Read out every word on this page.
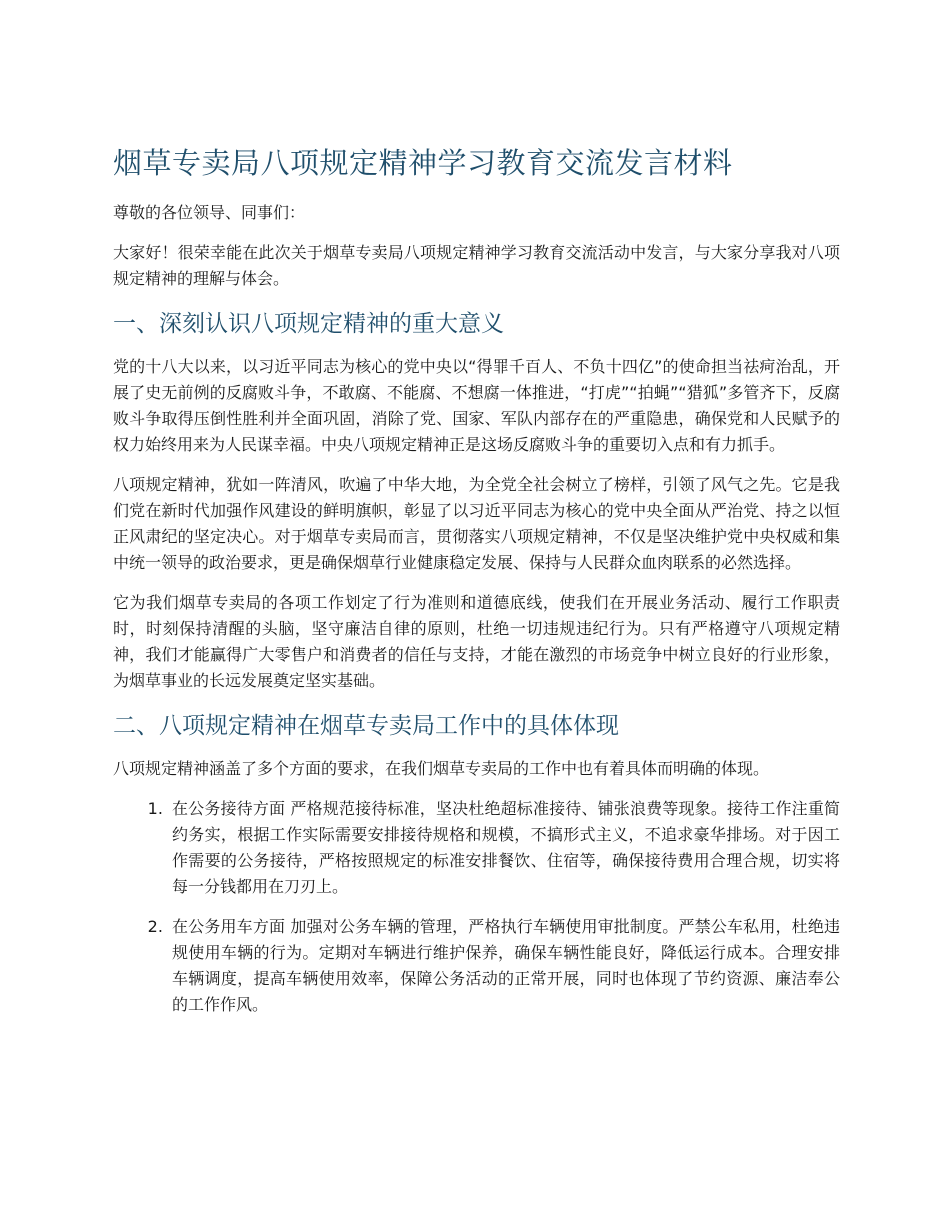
烟草专卖局八项规定精神学习教育交流发言材料

尊敬的各位领导、同事们：

大家好！很荣幸能在此次关于烟草专卖局八项规定精神学习教育交流活动中发言，与大家分享我对八项规定精神的理解与体会。

一、深刻认识八项规定精神的重大意义

党的十八大以来，以习近平同志为核心的党中央以“得罪千百人、不负十四亿”的使命担当祛疴治乱，开展了史无前例的反腐败斗争，不敢腐、不能腐、不想腐一体推进，“打虎”“拍蝇”“猎狐”多管齐下，反腐败斗争取得压倒性胜利并全面巩固，消除了党、国家、军队内部存在的严重隐患，确保党和人民赋予的权力始终用来为人民谋幸福。中央八项规定精神正是这场反腐败斗争的重要切入点和有力抓手。

八项规定精神，犹如一阵清风，吹遍了中华大地，为全党全社会树立了榜样，引领了风气之先。它是我们党在新时代加强作风建设的鲜明旗帜，彰显了以习近平同志为核心的党中央全面从严治党、持之以恒正风肃纪的坚定决心。对于烟草专卖局而言，贯彻落实八项规定精神，不仅是坚决维护党中央权威和集中统一领导的政治要求，更是确保烟草行业健康稳定发展、保持与人民群众血肉联系的必然选择。

它为我们烟草专卖局的各项工作划定了行为准则和道德底线，使我们在开展业务活动、履行工作职责时，时刻保持清醒的头脑，坚守廉洁自律的原则，杜绝一切违规违纪行为。只有严格遵守八项规定精神，我们才能赢得广大零售户和消费者的信任与支持，才能在激烈的市场竞争中树立良好的行业形象，为烟草事业的长远发展奠定坚实基础。

二、八项规定精神在烟草专卖局工作中的具体体现

八项规定精神涵盖了多个方面的要求，在我们烟草专卖局的工作中也有着具体而明确的体现。

1. 在公务接待方面 严格规范接待标准，坚决杜绝超标准接待、铺张浪费等现象。接待工作注重简约务实，根据工作实际需要安排接待规格和规模，不搞形式主义，不追求豪华排场。对于因工作需要的公务接待，严格按照规定的标准安排餐饮、住宿等，确保接待费用合理合规，切实将每一分钱都用在刀刃上。
2. 在公务用车方面 加强对公务车辆的管理，严格执行车辆使用审批制度。严禁公车私用，杜绝违规使用车辆的行为。定期对车辆进行维护保养，确保车辆性能良好，降低运行成本。合理安排车辆调度，提高车辆使用效率，保障公务活动的正常开展，同时也体现了节约资源、廉洁奉公的工作作风。
